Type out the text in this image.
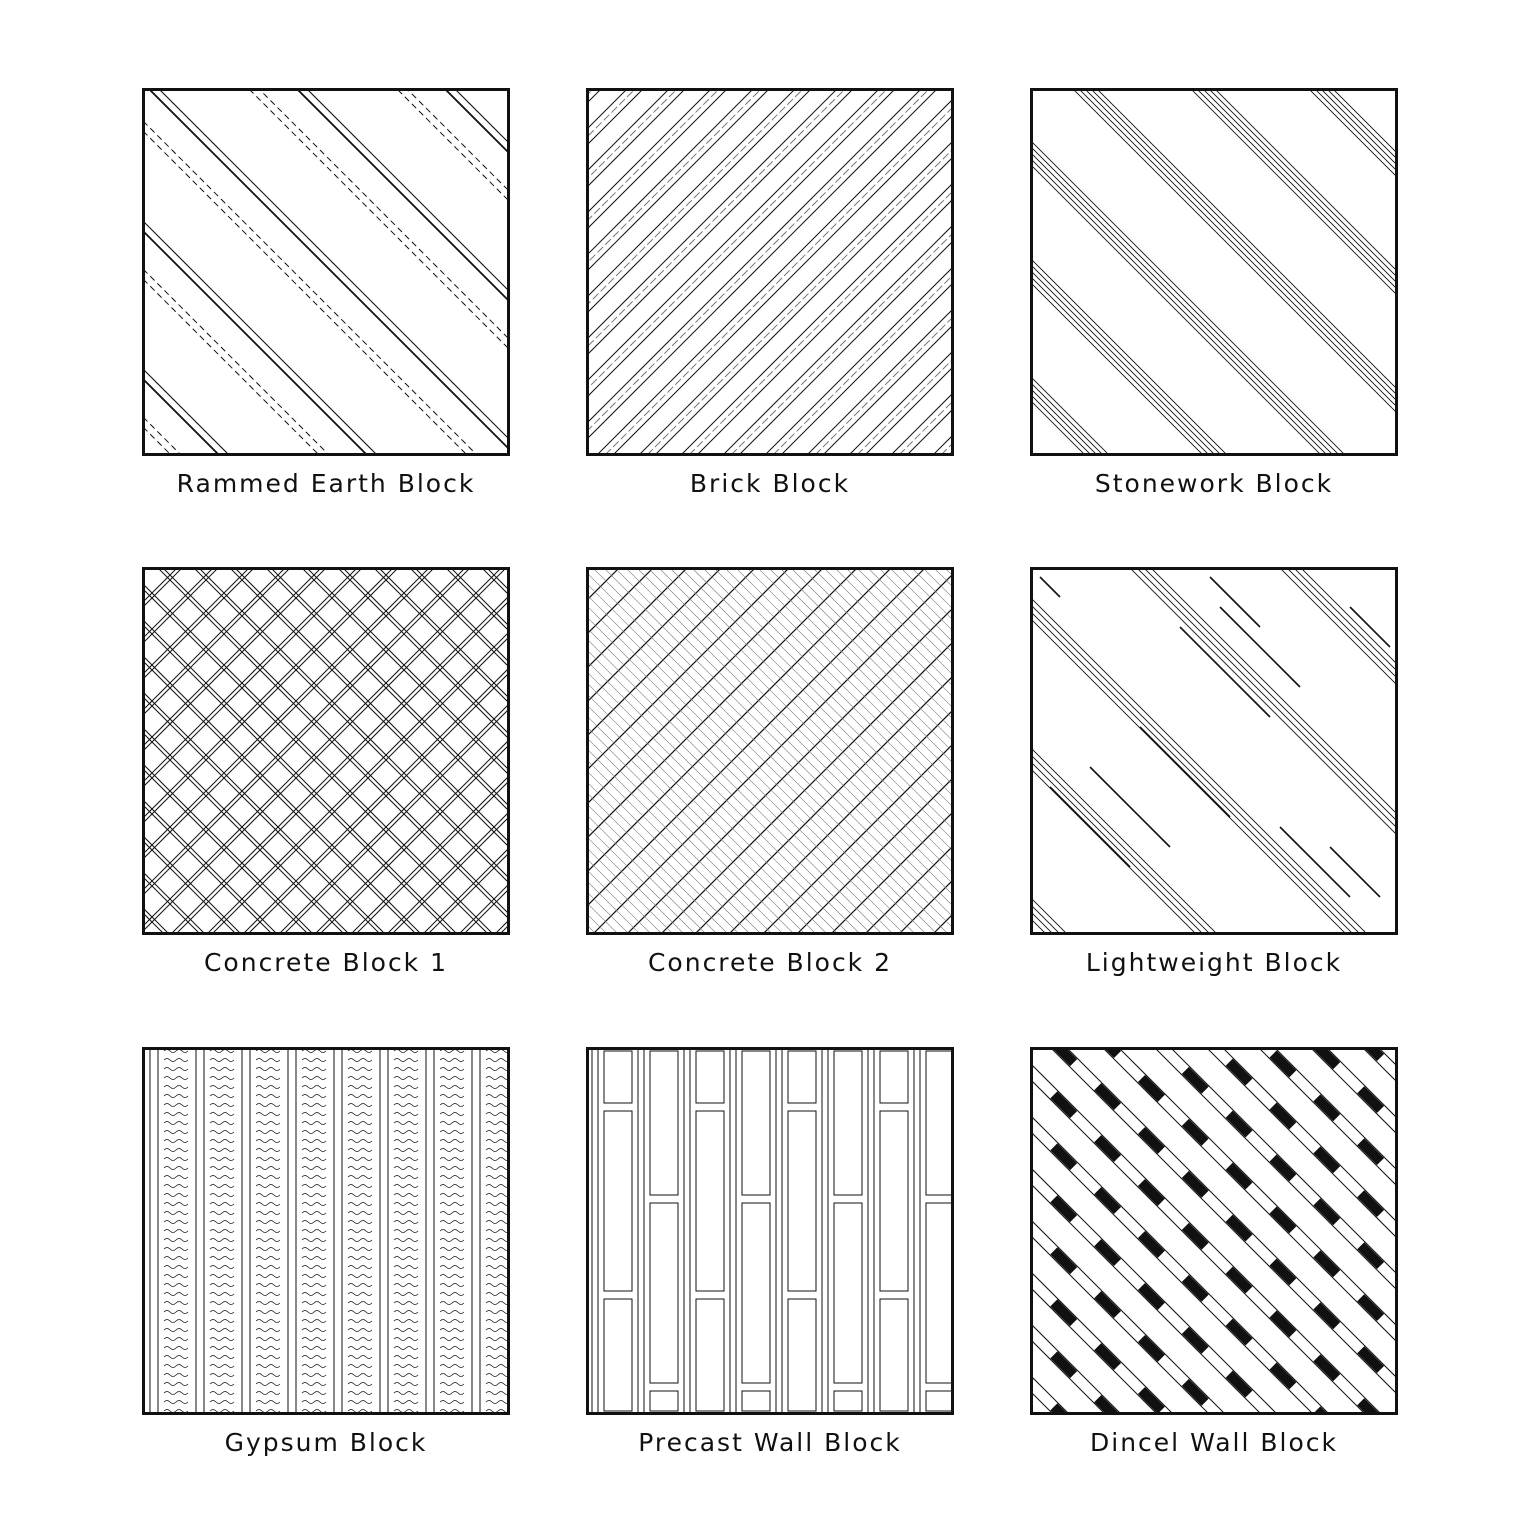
Rammed Earth Block	Brick Block	Stonework Block
Concrete Block 1	Concrete Block 2	Lightweight Block
Gypsum Block	Precast Wall Block	Dincel Wall Block
